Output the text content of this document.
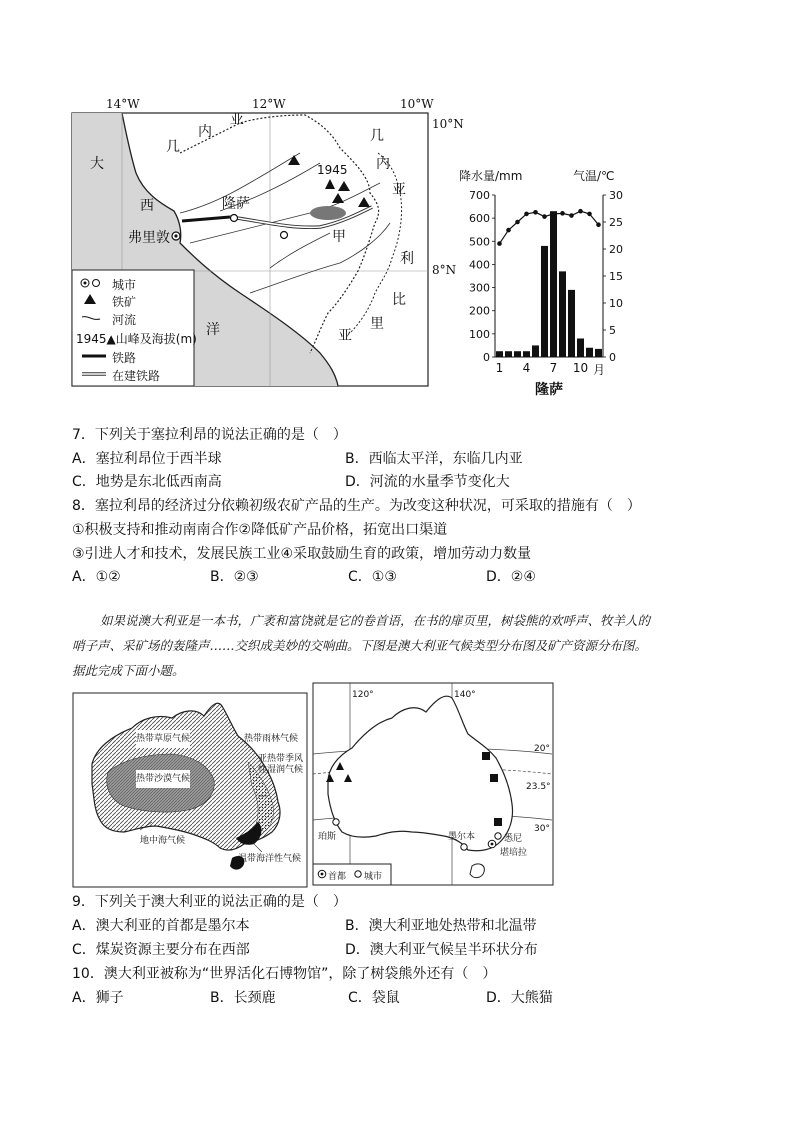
14°W	12°W	10°W
10°N
8°N
几
内
亚
几
内
亚
大
西
洋
利
比
里
亚
隆萨
弗里敦
1945
甲
城市
铁矿
河流
1945▲山峰及海拔(m)
铁路
在建铁路
降水量/mm	气温/℃
700
600
500
400
300
200
100
0
30
25
20
15
10
5
0
1 4 7 10 月
隆萨
7．下列关于塞拉利昂的说法正确的是（　）
A．塞拉利昂位于西半球	B．西临太平洋，东临几内亚
C．地势是东北低西南高	D．河流的水量季节变化大
8．塞拉利昂的经济过分依赖初级农矿产品的生产。为改变这种状况，可采取的措施有（　）
①积极支持和推动南南合作②降低矿产品价格，拓宽出口渠道
③引进人才和技术，发展民族工业④采取鼓励生育的政策，增加劳动力数量
A．①②	B．②③	C．①③	D．②④
如果说澳大利亚是一本书，广袤和富饶就是它的卷首语，在书的扉页里，树袋熊的欢呼声、牧羊人的
哨子声、采矿场的轰隆声……交织成美妙的交响曲。下图是澳大利亚气候类型分布图及矿产资源分布图。
据此完成下面小题。
热带草原气候	热带雨林气候
热带沙漠气候
亚热带季风
性湿润气候
地中海气候
温带海洋性气候
120°	140°
20°
23.5°
30°
珀斯	墨尔本	悉尼
堪培拉
首都 城市
9．下列关于澳大利亚的说法正确的是（　）
A．澳大利亚的首都是墨尔本	B．澳大利亚地处热带和北温带
C．煤炭资源主要分布在西部	D．澳大利亚气候呈半环状分布
10．澳大利亚被称为“世界活化石博物馆”，除了树袋熊外还有（　）
A．狮子	B．长颈鹿	C．袋鼠	D．大熊猫
